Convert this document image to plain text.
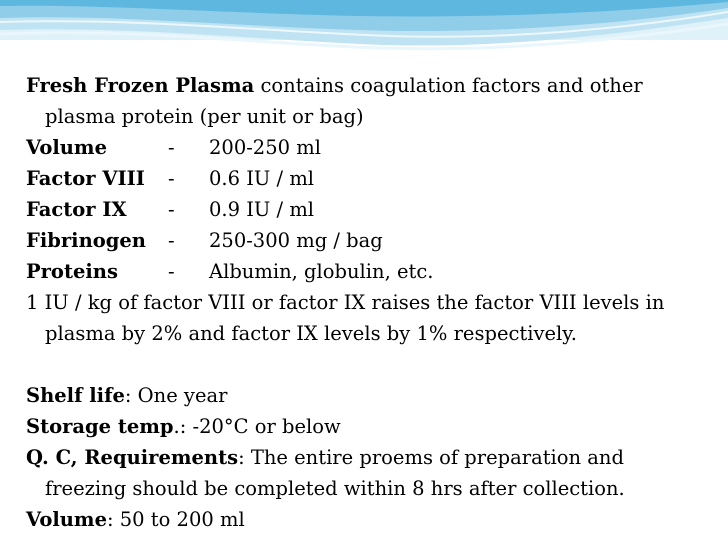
Fresh Frozen Plasma contains coagulation factors and other
plasma protein (per unit or bag)
Volume	-	200-250 ml
Factor VIII	-	0.6 IU / ml
Factor IX	-	0.9 IU / ml
Fibrinogen	-	250-300 mg / bag
Proteins	-	Albumin, globulin, etc.
1 IU / kg of factor VIII or factor IX raises the factor VIII levels in
plasma by 2% and factor IX levels by 1% respectively.
Shelf life: One year
Storage temp.: -20°C or below
Q. C, Requirements: The entire proems of preparation and
freezing should be completed within 8 hrs after collection.
Volume: 50 to 200 ml
